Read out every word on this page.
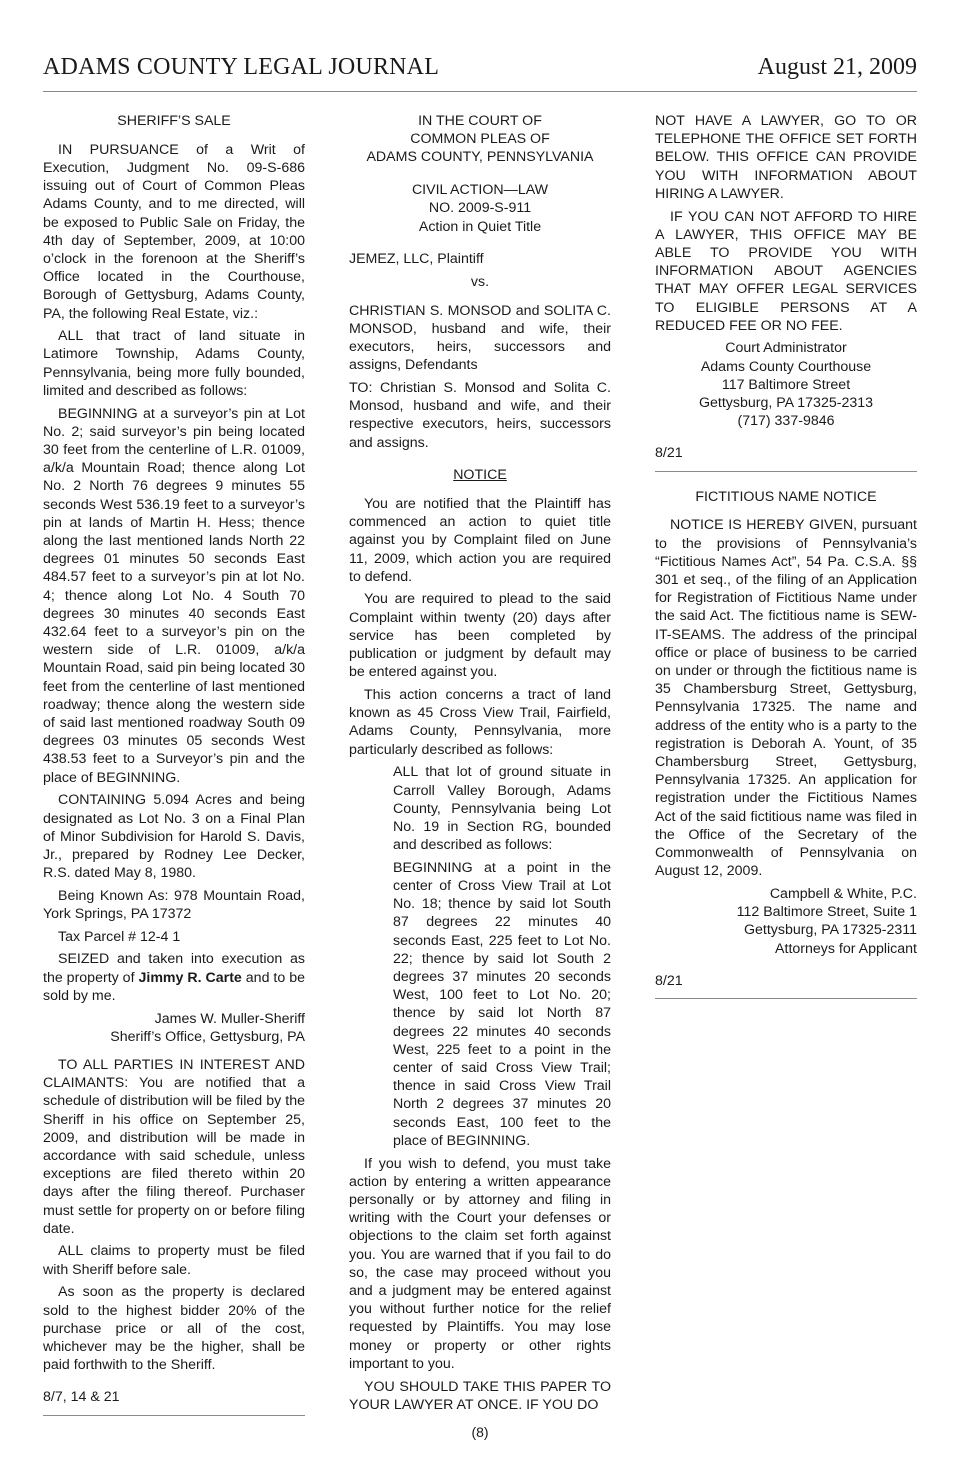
ADAMS COUNTY LEGAL JOURNAL	August 21, 2009
SHERIFF’S SALE

IN PURSUANCE of a Writ of Execution, Judgment No. 09-S-686 issuing out of Court of Common Pleas Adams County, and to me directed, will be exposed to Public Sale on Friday, the 4th day of September, 2009, at 10:00 o’clock in the forenoon at the Sheriff’s Office located in the Courthouse, Borough of Gettysburg, Adams County, PA, the following Real Estate, viz.:

ALL that tract of land situate in Latimore Township, Adams County, Pennsylvania, being more fully bounded, limited and described as follows:

BEGINNING at a surveyor’s pin at Lot No. 2; said surveyor’s pin being located 30 feet from the centerline of L.R. 01009, a/k/a Mountain Road; thence along Lot No. 2 North 76 degrees 9 minutes 55 seconds West 536.19 feet to a surveyor’s pin at lands of Martin H. Hess; thence along the last mentioned lands North 22 degrees 01 minutes 50 seconds East 484.57 feet to a surveyor’s pin at lot No. 4; thence along Lot No. 4 South 70 degrees 30 minutes 40 seconds East 432.64 feet to a surveyor’s pin on the western side of L.R. 01009, a/k/a Mountain Road, said pin being located 30 feet from the centerline of last mentioned roadway; thence along the western side of said last mentioned roadway South 09 degrees 03 minutes 05 seconds West 438.53 feet to a Surveyor’s pin and the place of BEGINNING.

CONTAINING 5.094 Acres and being designated as Lot No. 3 on a Final Plan of Minor Subdivision for Harold S. Davis, Jr., prepared by Rodney Lee Decker, R.S. dated May 8, 1980.

Being Known As: 978 Mountain Road, York Springs, PA 17372

Tax Parcel # 12-4 1

SEIZED and taken into execution as the property of Jimmy R. Carte and to be sold by me.

James W. Muller-Sheriff
Sheriff’s Office, Gettysburg, PA

TO ALL PARTIES IN INTEREST AND CLAIMANTS: You are notified that a schedule of distribution will be filed by the Sheriff in his office on September 25, 2009, and distribution will be made in accordance with said schedule, unless exceptions are filed thereto within 20 days after the filing thereof. Purchaser must settle for property on or before filing date.

ALL claims to property must be filed with Sheriff before sale.

As soon as the property is declared sold to the highest bidder 20% of the purchase price or all of the cost, whichever may be the higher, shall be paid forthwith to the Sheriff.

8/7, 14 & 21

IN THE COURT OF
COMMON PLEAS OF
ADAMS COUNTY, PENNSYLVANIA
CIVIL ACTION—LAW
NO. 2009-S-911
Action in Quiet Title

JEMEZ, LLC, Plaintiff

vs.

CHRISTIAN S. MONSOD and SOLITA C. MONSOD, husband and wife, their executors, heirs, successors and assigns, Defendants

TO: Christian S. Monsod and Solita C. Monsod, husband and wife, and their respective executors, heirs, successors and assigns.

NOTICE

You are notified that the Plaintiff has commenced an action to quiet title against you by Complaint filed on June 11, 2009, which action you are required to defend.

You are required to plead to the said Complaint within twenty (20) days after service has been completed by publication or judgment by default may be entered against you.

This action concerns a tract of land known as 45 Cross View Trail, Fairfield, Adams County, Pennsylvania, more particularly described as follows:

ALL that lot of ground situate in Carroll Valley Borough, Adams County, Pennsylvania being Lot No. 19 in Section RG, bounded and described as follows:

BEGINNING at a point in the center of Cross View Trail at Lot No. 18; thence by said lot South 87 degrees 22 minutes 40 seconds East, 225 feet to Lot No. 22; thence by said lot South 2 degrees 37 minutes 20 seconds West, 100 feet to Lot No. 20; thence by said lot North 87 degrees 22 minutes 40 seconds West, 225 feet to a point in the center of said Cross View Trail; thence in said Cross View Trail North 2 degrees 37 minutes 20 seconds East, 100 feet to the place of BEGINNING.

If you wish to defend, you must take action by entering a written appearance personally or by attorney and filing in writing with the Court your defenses or objections to the claim set forth against you. You are warned that if you fail to do so, the case may proceed without you and a judgment may be entered against you without further notice for the relief requested by Plaintiffs. You may lose money or property or other rights important to you.

YOU SHOULD TAKE THIS PAPER TO YOUR LAWYER AT ONCE. IF YOU DO

NOT HAVE A LAWYER, GO TO OR TELEPHONE THE OFFICE SET FORTH BELOW. THIS OFFICE CAN PROVIDE YOU WITH INFORMATION ABOUT HIRING A LAWYER.

IF YOU CAN NOT AFFORD TO HIRE A LAWYER, THIS OFFICE MAY BE ABLE TO PROVIDE YOU WITH INFORMATION ABOUT AGENCIES THAT MAY OFFER LEGAL SERVICES TO ELIGIBLE PERSONS AT A REDUCED FEE OR NO FEE.

Court Administrator
Adams County Courthouse
117 Baltimore Street
Gettysburg, PA 17325-2313
(717) 337-9846

8/21

FICTITIOUS NAME NOTICE

NOTICE IS HEREBY GIVEN, pursuant to the provisions of Pennsylvania’s “Fictitious Names Act”, 54 Pa. C.S.A. §§ 301 et seq., of the filing of an Application for Registration of Fictitious Name under the said Act. The fictitious name is SEW-IT-SEAMS. The address of the principal office or place of business to be carried on under or through the fictitious name is 35 Chambersburg Street, Gettysburg, Pennsylvania 17325. The name and address of the entity who is a party to the registration is Deborah A. Yount, of 35 Chambersburg Street, Gettysburg, Pennsylvania 17325. An application for registration under the Fictitious Names Act of the said fictitious name was filed in the Office of the Secretary of the Commonwealth of Pennsylvania on August 12, 2009.

Campbell & White, P.C.
112 Baltimore Street, Suite 1
Gettysburg, PA 17325-2311
Attorneys for Applicant

8/21

(8)
